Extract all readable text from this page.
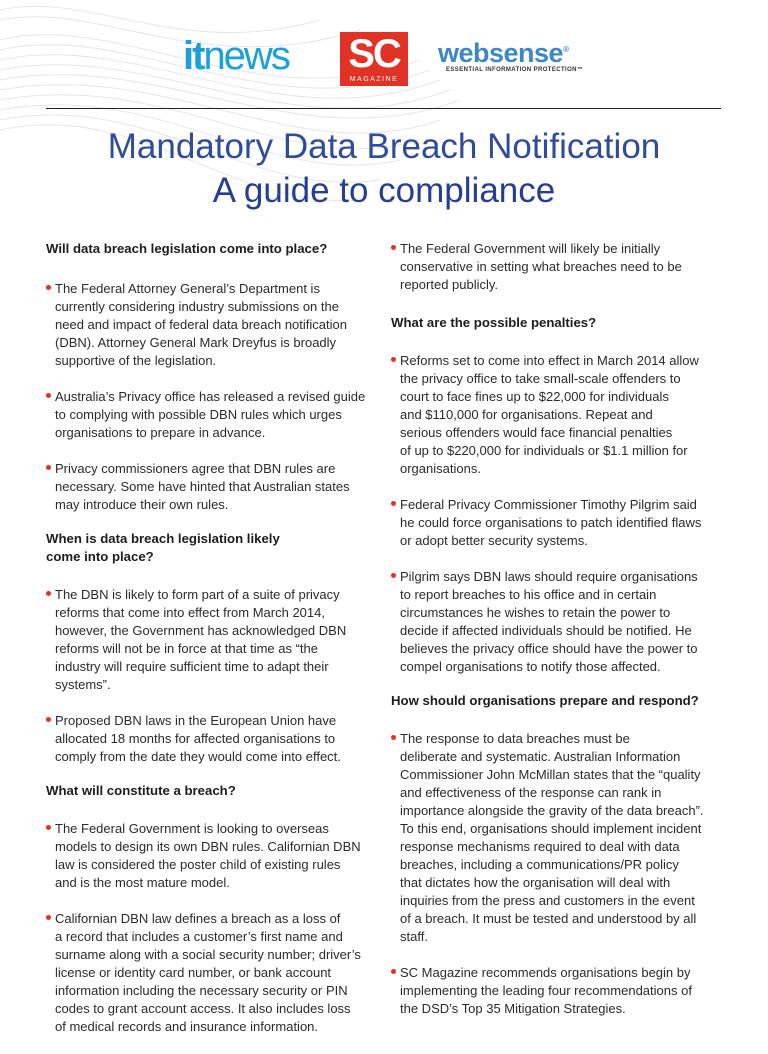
itnews SC
MAGAZINE
websense®
ESSENTIAL INFORMATION PROTECTION™
Mandatory Data Breach Notification
A guide to compliance
Will data breach legislation come into place?
The Federal Attorney General’s Department is
currently considering industry submissions on the
need and impact of federal data breach notification
(DBN). Attorney General Mark Dreyfus is broadly
supportive of the legislation.
Australia’s Privacy office has released a revised guide
to complying with possible DBN rules which urges
organisations to prepare in advance.
Privacy commissioners agree that DBN rules are
necessary. Some have hinted that Australian states
may introduce their own rules.
When is data breach legislation likely
come into place?
The DBN is likely to form part of a suite of privacy
reforms that come into effect from March 2014,
however, the Government has acknowledged DBN
reforms will not be in force at that time as “the
industry will require sufficient time to adapt their
systems”.
Proposed DBN laws in the European Union have
allocated 18 months for affected organisations to
comply from the date they would come into effect.
What will constitute a breach?
The Federal Government is looking to overseas
models to design its own DBN rules. Californian DBN
law is considered the poster child of existing rules
and is the most mature model.
Californian DBN law defines a breach as a loss of
a record that includes a customer’s first name and
surname along with a social security number; driver’s
license or identity card number, or bank account
information including the necessary security or PIN
codes to grant account access. It also includes loss
of medical records and insurance information.
The Federal Government will likely be initially
conservative in setting what breaches need to be
reported publicly.
What are the possible penalties?
Reforms set to come into effect in March 2014 allow
the privacy office to take small-scale offenders to
court to face fines up to $22,000 for individuals
and $110,000 for organisations. Repeat and
serious offenders would face financial penalties
of up to $220,000 for individuals or $1.1 million for
organisations.
Federal Privacy Commissioner Timothy Pilgrim said
he could force organisations to patch identified flaws
or adopt better security systems.
Pilgrim says DBN laws should require organisations
to report breaches to his office and in certain
circumstances he wishes to retain the power to
decide if affected individuals should be notified. He
believes the privacy office should have the power to
compel organisations to notify those affected.
How should organisations prepare and respond?
The response to data breaches must be
deliberate and systematic. Australian Information
Commissioner John McMillan states that the “quality
and effectiveness of the response can rank in
importance alongside the gravity of the data breach”.
To this end, organisations should implement incident
response mechanisms required to deal with data
breaches, including a communications/PR policy
that dictates how the organisation will deal with
inquiries from the press and customers in the event
of a breach. It must be tested and understood by all
staff.
SC Magazine recommends organisations begin by
implementing the leading four recommendations of
the DSD’s Top 35 Mitigation Strategies.
